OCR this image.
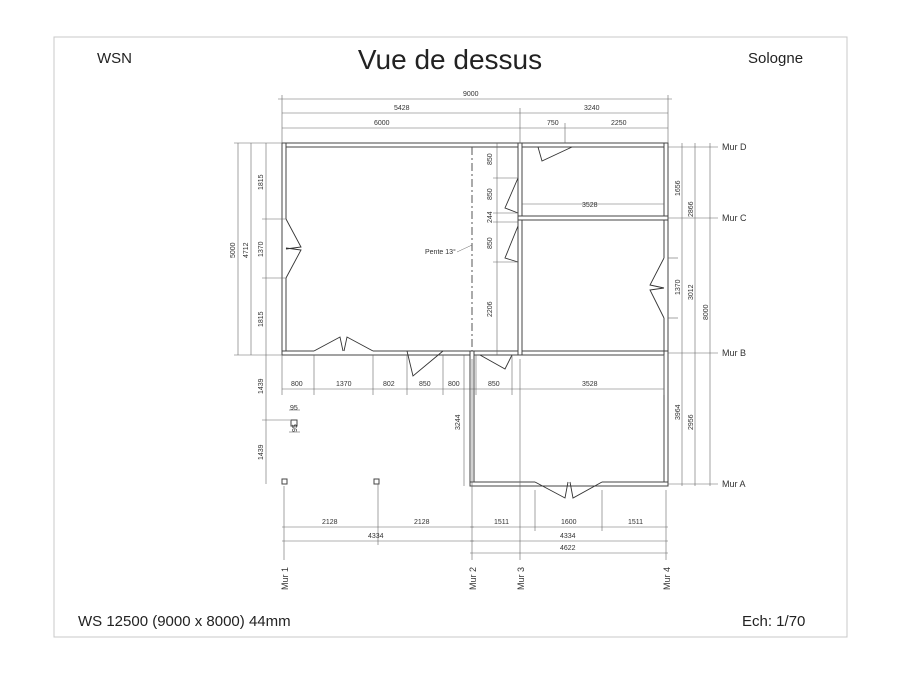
Mur D
Mur C
Mur B
Mur A
Mur 1	Mur 2	Mur 3	Mur 4
Pente 13°
9000
5428	3240
6000	750	2250
5000 4712
1815
1370
1815
850
850
244
850
2206
1656
2866
3528
1370 3012
8000
800	1370	802	850 800	850	3528
1439
95
95
1439
3244
3964
2956
2128	2128	1511	1600	1511
4334	4334
4622
Vue de dessus
WSN	Sologne
WS 12500 (9000 x 8000) 44mm	Ech: 1/70
